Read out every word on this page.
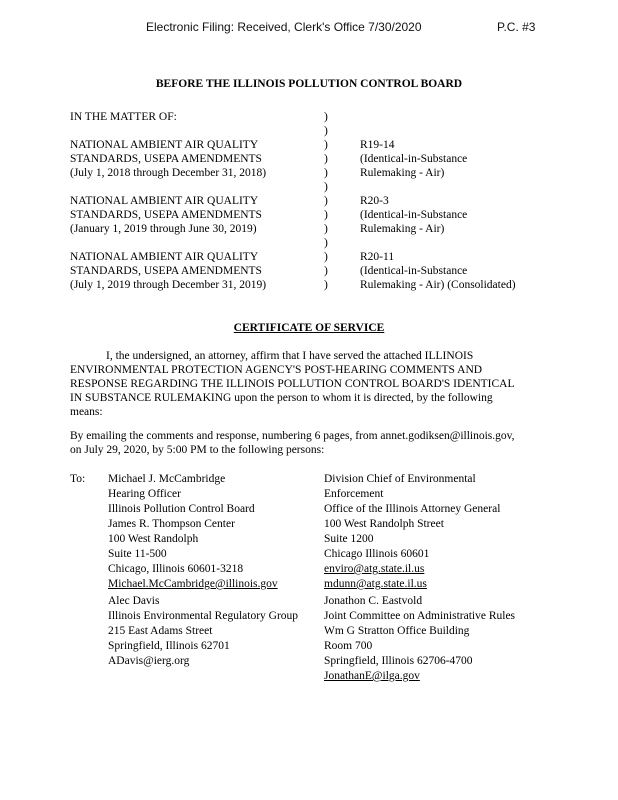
Electronic Filing: Received, Clerk's Office 7/30/2020	P.C. #3
BEFORE THE ILLINOIS POLLUTION CONTROL BOARD
IN THE MATTER OF:	)
)
NATIONAL AMBIENT AIR QUALITY	)	R19-14
STANDARDS, USEPA AMENDMENTS	)	(Identical-in-Substance
(July 1, 2018 through December 31, 2018)	)	Rulemaking - Air)
)
NATIONAL AMBIENT AIR QUALITY	)	R20-3
STANDARDS, USEPA AMENDMENTS	)	(Identical-in-Substance
(January 1, 2019 through June 30, 2019)	)	Rulemaking - Air)
)
NATIONAL AMBIENT AIR QUALITY	)	R20-11
STANDARDS, USEPA AMENDMENTS	)	(Identical-in-Substance
(July 1, 2019 through December 31, 2019)	)	Rulemaking - Air) (Consolidated)
CERTIFICATE OF SERVICE
I, the undersigned, an attorney, affirm that I have served the attached ILLINOIS
ENVIRONMENTAL PROTECTION AGENCY'S POST-HEARING COMMENTS AND
RESPONSE REGARDING THE ILLINOIS POLLUTION CONTROL BOARD'S IDENTICAL
IN SUBSTANCE RULEMAKING upon the person to whom it is directed, by the following
means:
By emailing the comments and response, numbering 6 pages, from annet.godiksen@illinois.gov,
on July 29, 2020, by 5:00 PM to the following persons:
To: Michael J. McCambridge
Hearing Officer
Illinois Pollution Control Board
James R. Thompson Center
100 West Randolph
Suite 11-500
Chicago, Illinois 60601-3218
Michael.McCambridge@illinois.gov
Division Chief of Environmental
Enforcement
Office of the Illinois Attorney General
100 West Randolph Street
Suite 1200
Chicago Illinois 60601
enviro@atg.state.il.us
mdunn@atg.state.il.us
Alec Davis
Illinois Environmental Regulatory Group
215 East Adams Street
Springfield, Illinois 62701
ADavis@ierg.org
Jonathon C. Eastvold
Joint Committee on Administrative Rules
Wm G Stratton Office Building
Room 700
Springfield, Illinois 62706-4700
JonathanE@ilga.gov
